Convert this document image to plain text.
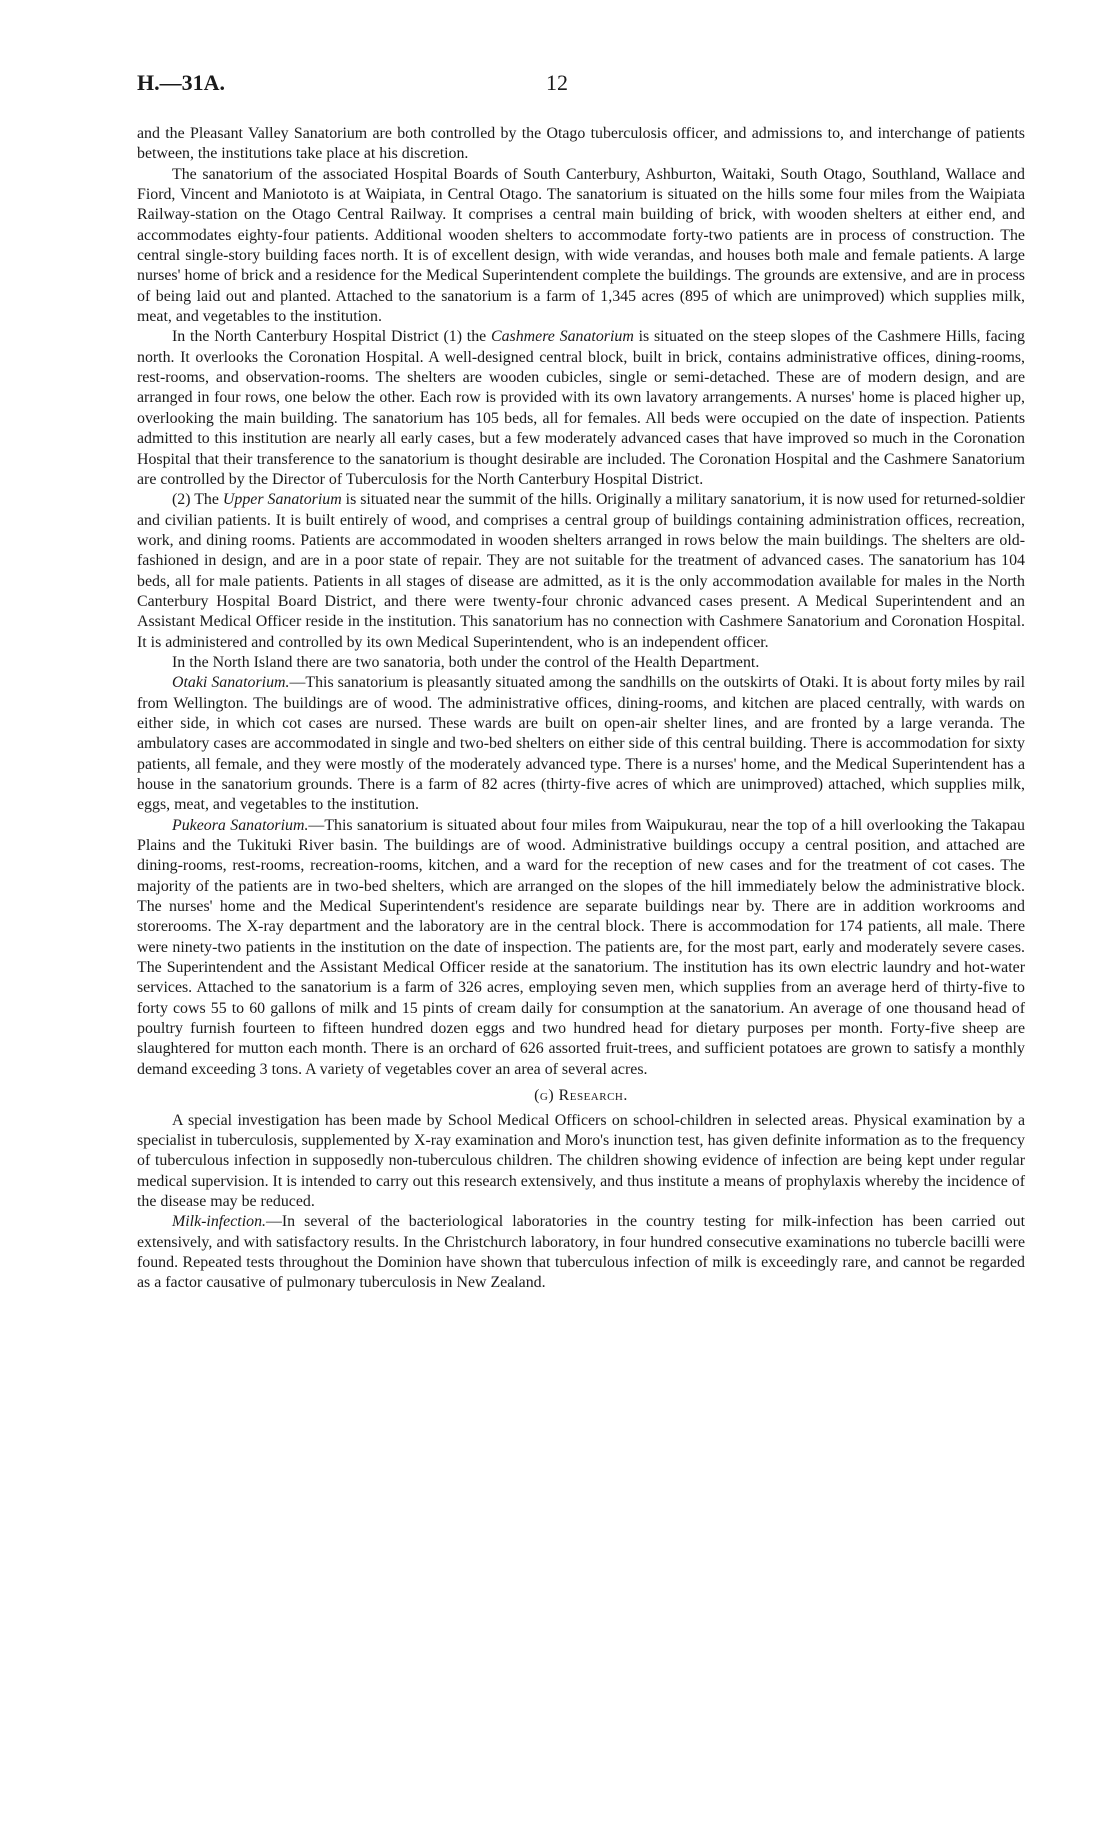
H.—31A.	12

and the Pleasant Valley Sanatorium are both controlled by the Otago tuberculosis officer, and admissions to, and interchange of patients between, the institutions take place at his discretion.

The sanatorium of the associated Hospital Boards of South Canterbury, Ashburton, Waitaki, South Otago, Southland, Wallace and Fiord, Vincent and Maniototo is at Waipiata, in Central Otago. The sanatorium is situated on the hills some four miles from the Waipiata Railway-station on the Otago Central Railway. It comprises a central main building of brick, with wooden shelters at either end, and accommodates eighty-four patients. Additional wooden shelters to accommodate forty-two patients are in process of construction. The central single-story building faces north. It is of excellent design, with wide verandas, and houses both male and female patients. A large nurses' home of brick and a residence for the Medical Superintendent complete the buildings. The grounds are extensive, and are in process of being laid out and planted. Attached to the sanatorium is a farm of 1,345 acres (895 of which are unimproved) which supplies milk, meat, and vegetables to the institution.

In the North Canterbury Hospital District (1) the Cashmere Sanatorium is situated on the steep slopes of the Cashmere Hills, facing north. It overlooks the Coronation Hospital. A well-designed central block, built in brick, contains administrative offices, dining-rooms, rest-rooms, and observation-rooms. The shelters are wooden cubicles, single or semi-detached. These are of modern design, and are arranged in four rows, one below the other. Each row is provided with its own lavatory arrangements. A nurses' home is placed higher up, overlooking the main building. The sanatorium has 105 beds, all for females. All beds were occupied on the date of inspection. Patients admitted to this institution are nearly all early cases, but a few moderately advanced cases that have improved so much in the Coronation Hospital that their transference to the sanatorium is thought desirable are included. The Coronation Hospital and the Cashmere Sanatorium are controlled by the Director of Tuberculosis for the North Canterbury Hospital District.

(2) The Upper Sanatorium is situated near the summit of the hills. Originally a military sanatorium, it is now used for returned-soldier and civilian patients. It is built entirely of wood, and comprises a central group of buildings containing administration offices, recreation, work, and dining rooms. Patients are accommodated in wooden shelters arranged in rows below the main buildings. The shelters are old-fashioned in design, and are in a poor state of repair. They are not suitable for the treatment of advanced cases. The sanatorium has 104 beds, all for male patients. Patients in all stages of disease are admitted, as it is the only accommodation available for males in the North Canterbury Hospital Board District, and there were twenty-four chronic advanced cases present. A Medical Superintendent and an Assistant Medical Officer reside in the institution. This sanatorium has no connection with Cashmere Sanatorium and Coronation Hospital. It is administered and controlled by its own Medical Superintendent, who is an independent officer.

In the North Island there are two sanatoria, both under the control of the Health Department.

Otaki Sanatorium.—This sanatorium is pleasantly situated among the sandhills on the outskirts of Otaki. It is about forty miles by rail from Wellington. The buildings are of wood. The administrative offices, dining-rooms, and kitchen are placed centrally, with wards on either side, in which cot cases are nursed. These wards are built on open-air shelter lines, and are fronted by a large veranda. The ambulatory cases are accommodated in single and two-bed shelters on either side of this central building. There is accommodation for sixty patients, all female, and they were mostly of the moderately advanced type. There is a nurses' home, and the Medical Superintendent has a house in the sanatorium grounds. There is a farm of 82 acres (thirty-five acres of which are unimproved) attached, which supplies milk, eggs, meat, and vegetables to the institution.

Pukeora Sanatorium.—This sanatorium is situated about four miles from Waipukurau, near the top of a hill overlooking the Takapau Plains and the Tukituki River basin. The buildings are of wood. Administrative buildings occupy a central position, and attached are dining-rooms, rest-rooms, recreation-rooms, kitchen, and a ward for the reception of new cases and for the treatment of cot cases. The majority of the patients are in two-bed shelters, which are arranged on the slopes of the hill immediately below the administrative block. The nurses' home and the Medical Superintendent's residence are separate buildings near by. There are in addition workrooms and storerooms. The X-ray department and the laboratory are in the central block. There is accommodation for 174 patients, all male. There were ninety-two patients in the institution on the date of inspection. The patients are, for the most part, early and moderately severe cases. The Superintendent and the Assistant Medical Officer reside at the sanatorium. The institution has its own electric laundry and hot-water services. Attached to the sanatorium is a farm of 326 acres, employing seven men, which supplies from an average herd of thirty-five to forty cows 55 to 60 gallons of milk and 15 pints of cream daily for consumption at the sanatorium. An average of one thousand head of poultry furnish fourteen to fifteen hundred dozen eggs and two hundred head for dietary purposes per month. Forty-five sheep are slaughtered for mutton each month. There is an orchard of 626 assorted fruit-trees, and sufficient potatoes are grown to satisfy a monthly demand exceeding 3 tons. A variety of vegetables cover an area of several acres.

(g) Research.

A special investigation has been made by School Medical Officers on school-children in selected areas. Physical examination by a specialist in tuberculosis, supplemented by X-ray examination and Moro's inunction test, has given definite information as to the frequency of tuberculous infection in supposedly non-tuberculous children. The children showing evidence of infection are being kept under regular medical supervision. It is intended to carry out this research extensively, and thus institute a means of prophylaxis whereby the incidence of the disease may be reduced.

Milk-infection.—In several of the bacteriological laboratories in the country testing for milk-infection has been carried out extensively, and with satisfactory results. In the Christchurch laboratory, in four hundred consecutive examinations no tubercle bacilli were found. Repeated tests throughout the Dominion have shown that tuberculous infection of milk is exceedingly rare, and cannot be regarded as a factor causative of pulmonary tuberculosis in New Zealand.
